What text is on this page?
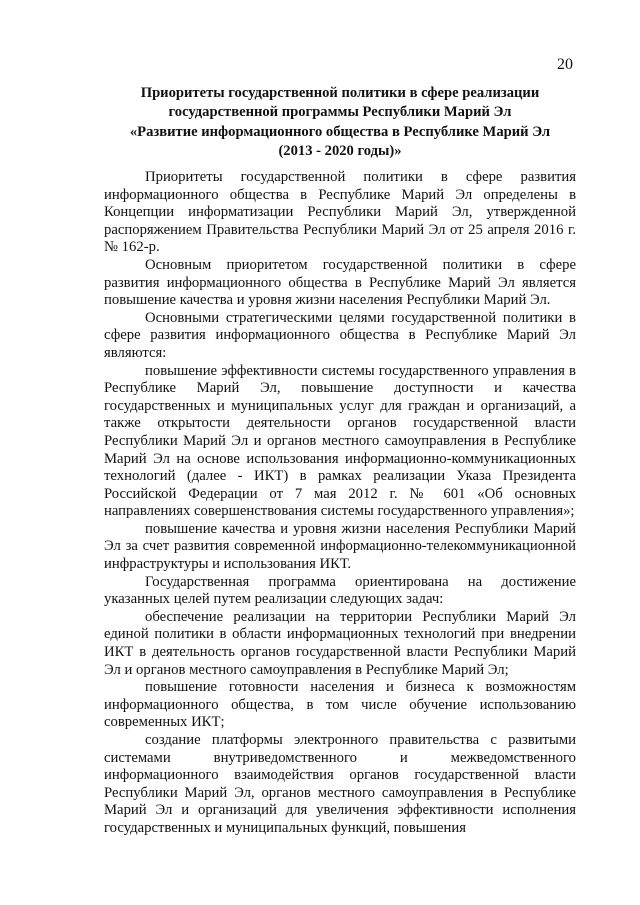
20
Приоритеты государственной политики в сфере реализации
государственной программы Республики Марий Эл
«Развитие информационного общества в Республике Марий Эл
(2013 - 2020 годы)»

Приоритеты государственной политики в сфере развития информационного общества в Республике Марий Эл определены в Концепции информатизации Республики Марий Эл, утвержденной распоряжением Правительства Республики Марий Эл от 25 апреля 2016 г. № 162-р.

Основным приоритетом государственной политики в сфере развития информационного общества в Республике Марий Эл является повышение качества и уровня жизни населения Республики Марий Эл.

Основными стратегическими целями государственной политики в сфере развития информационного общества в Республике Марий Эл являются:

повышение эффективности системы государственного управления в Республике Марий Эл, повышение доступности и качества государственных и муниципальных услуг для граждан и организаций, а также открытости деятельности органов государственной власти Республики Марий Эл и органов местного самоуправления в Республике Марий Эл на основе использования информационно-коммуникационных технологий (далее - ИКТ) в рамках реализации Указа Президента Российской Федерации от 7 мая 2012 г. № 601 «Об основных направлениях совершенствования системы государственного управления»;

повышение качества и уровня жизни населения Республики Марий Эл за счет развития современной информационно-телекоммуникационной инфраструктуры и использования ИКТ.

Государственная программа ориентирована на достижение указанных целей путем реализации следующих задач:

обеспечение реализации на территории Республики Марий Эл единой политики в области информационных технологий при внедрении ИКТ в деятельность органов государственной власти Республики Марий Эл и органов местного самоуправления в Республике Марий Эл;

повышение готовности населения и бизнеса к возможностям информационного общества, в том числе обучение использованию современных ИКТ;

создание платформы электронного правительства с развитыми системами внутриведомственного и межведомственного информационного взаимодействия органов государственной власти Республики Марий Эл, органов местного самоуправления в Республике Марий Эл и организаций для увеличения эффективности исполнения государственных и муниципальных функций, повышения
